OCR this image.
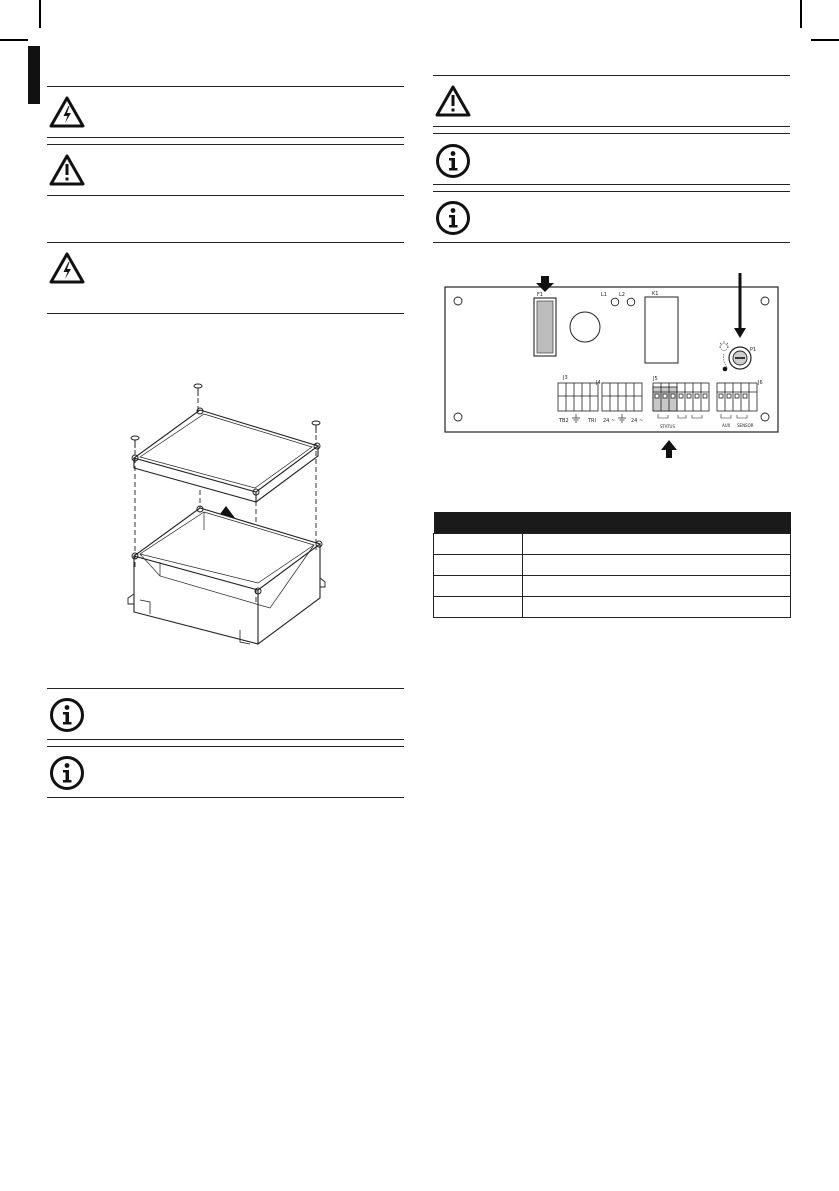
F1	L1 L2	K1
P1
J3
TB2	TRI
J4
24 ~	24 ~
J5
STATUS
J6
AUX SENSOR
